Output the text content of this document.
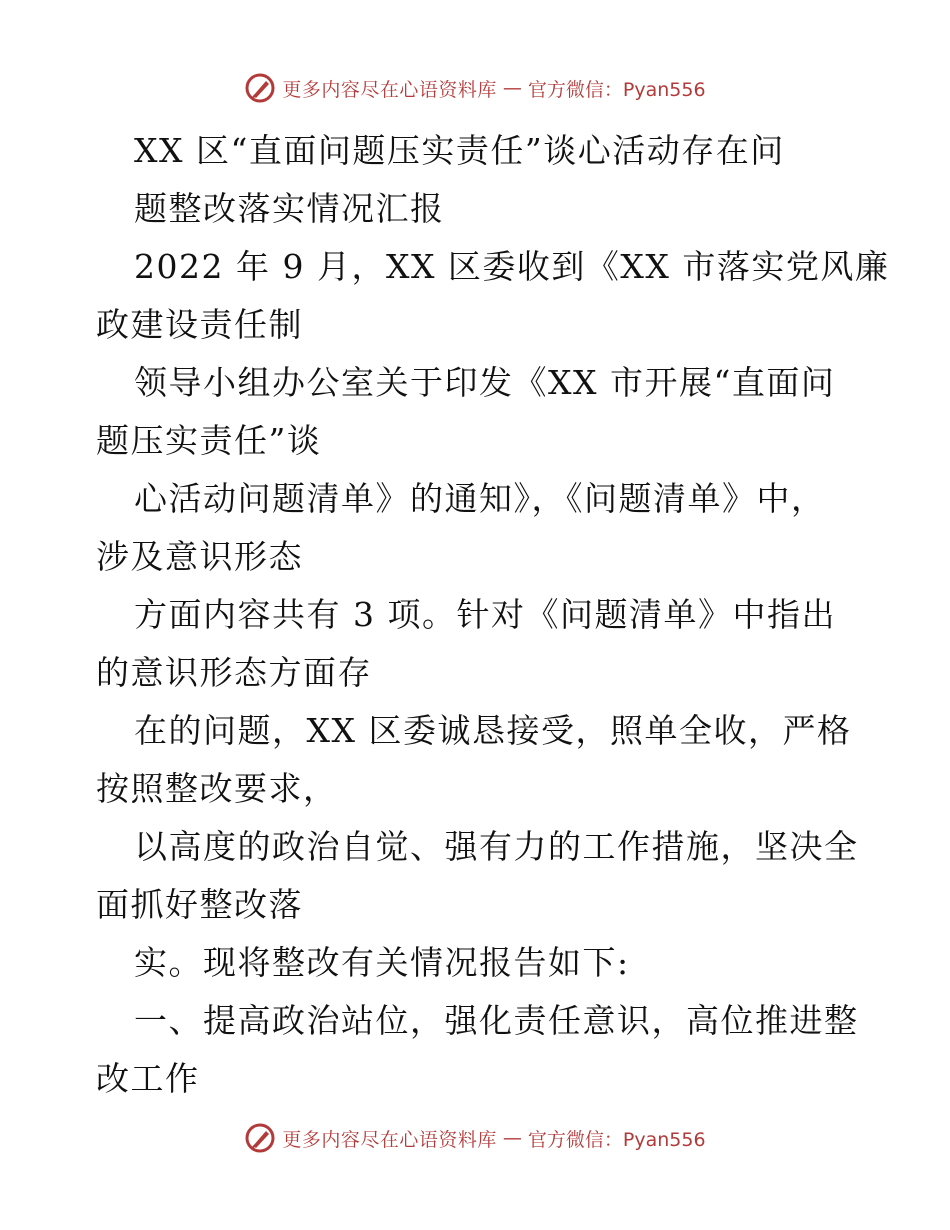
更多内容尽在心语资料库 — 官方微信：Pyan556
XX 区“直面问题压实责任”谈心活动存在问
题整改落实情况汇报
2022 年 9 月，XX 区委收到《XX 市落实党风廉
政建设责任制
领导小组办公室关于印发《XX 市开展“直面问
题压实责任”谈
心活动问题清单》的通知》，《问题清单》中，
涉及意识形态
方面内容共有 3 项。针对《问题清单》中指出
的意识形态方面存
在的问题，XX 区委诚恳接受，照单全收，严格
按照整改要求，
以高度的政治自觉、强有力的工作措施，坚决全
面抓好整改落
实。现将整改有关情况报告如下:
一、提高政治站位，强化责任意识，高位推进整
改工作
更多内容尽在心语资料库 — 官方微信：Pyan556
